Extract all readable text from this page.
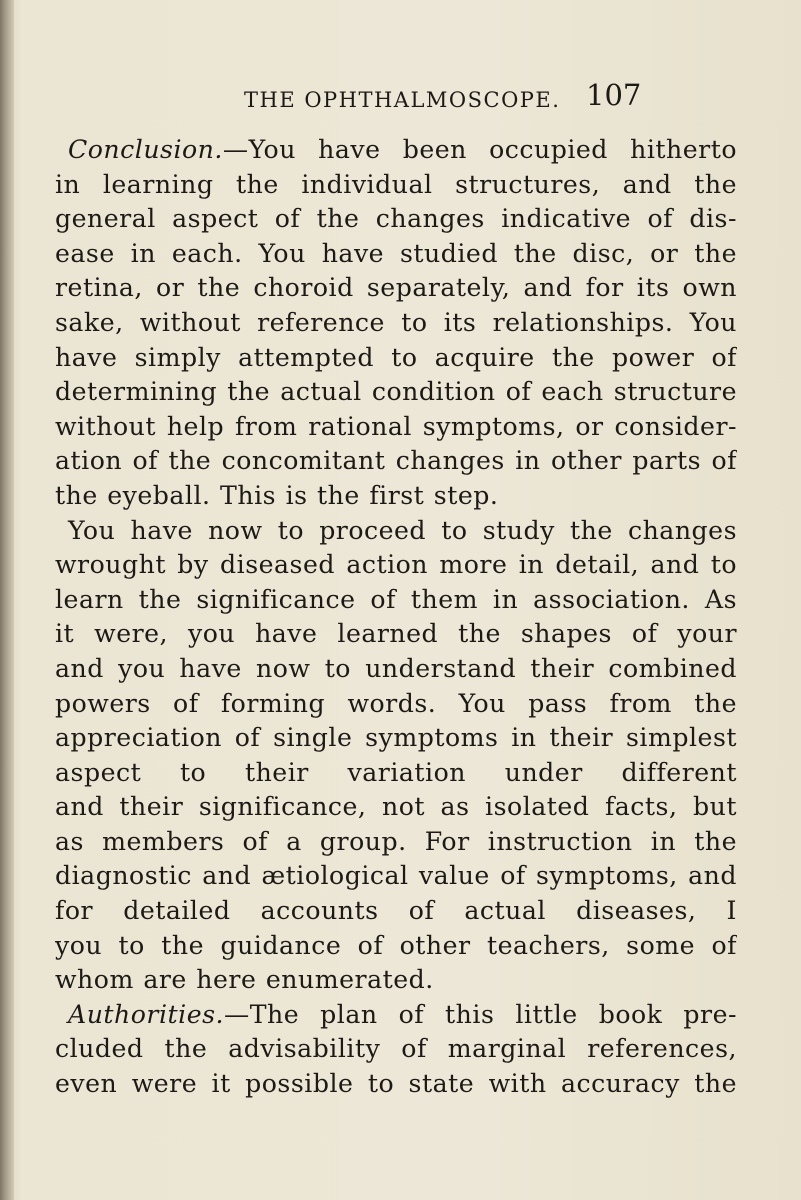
THE OPHTHALMOSCOPE. 107
Conclusion.—You have been occupied hitherto
in learning the individual structures, and the
general aspect of the changes indicative of dis-
ease in each. You have studied the disc, or the
retina, or the choroid separately, and for its own
sake, without reference to its relationships. You
have simply attempted to acquire the power of
determining the actual condition of each structure
without help from rational symptoms, or consider-
ation of the concomitant changes in other parts of
the eyeball. This is the first step.
You have now to proceed to study the changes
wrought by diseased action more in detail, and to
learn the significance of them in association. As
it were, you have learned the shapes of your
and you have now to understand their combined
powers of forming words. You pass from the
appreciation of single symptoms in their simplest
aspect to their variation under different
and their significance, not as isolated facts, but
as members of a group. For instruction in the
diagnostic and ætiological value of symptoms, and
for detailed accounts of actual diseases, I
you to the guidance of other teachers, some of
whom are here enumerated.
Authorities.—The plan of this little book pre-
cluded the advisability of marginal references,
even were it possible to state with accuracy the
